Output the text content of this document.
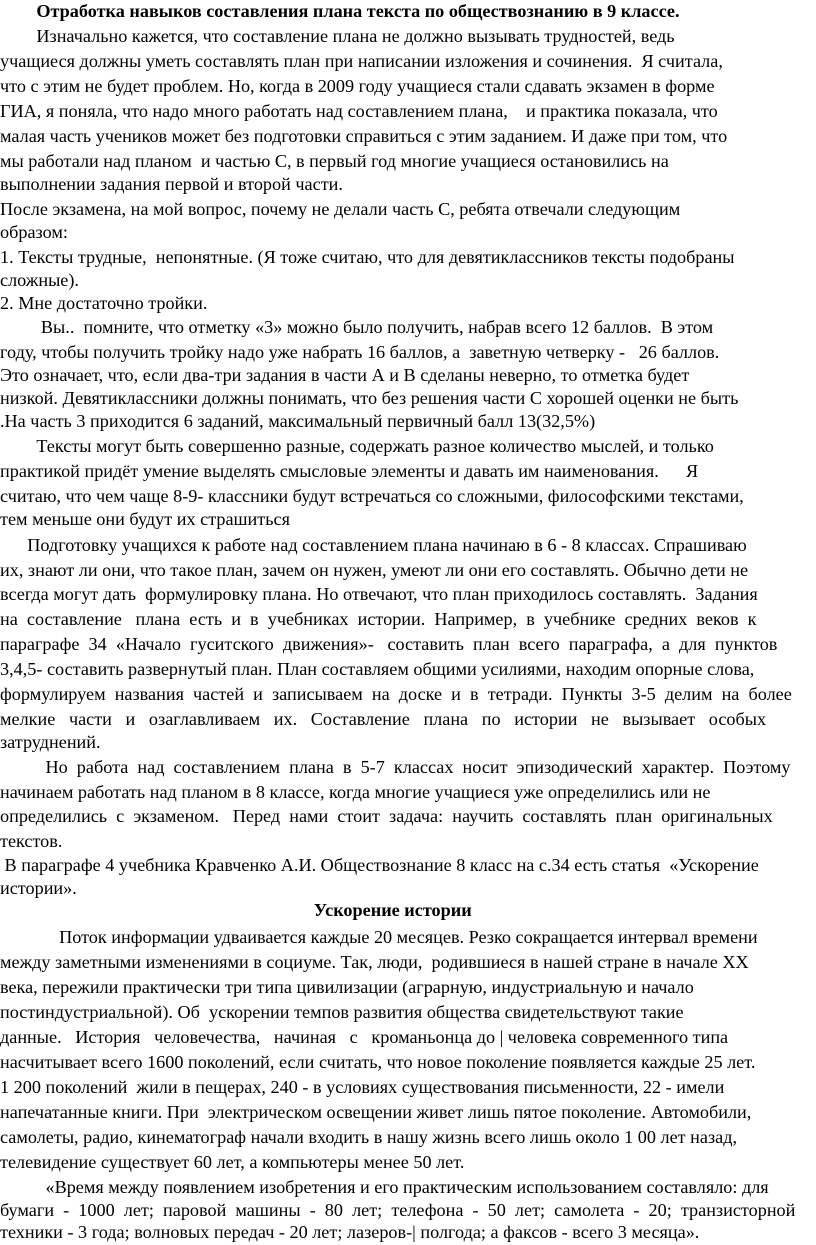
Отработка навыков составления плана текста по обществознанию в 9 классе.
Изначально кажется, что составление плана не должно вызывать трудностей, ведь
учащиеся должны уметь составлять план при написании изложения и сочинения.  Я считала,
что с этим не будет проблем. Но, когда в 2009 году учащиеся стали сдавать экзамен в форме
ГИА, я поняла, что надо много работать над составлением плана,    и практика показала, что
малая часть учеников может без подготовки справиться с этим заданием. И даже при том, что
мы работали над планом  и частью С, в первый год многие учащиеся остановились на
выполнении задания первой и второй части.
После экзамена, на мой вопрос, почему не делали часть С, ребята отвечали следующим
образом:
1. Тексты трудные,  непонятные. (Я тоже считаю, что для девятиклассников тексты подобраны
сложные).
2. Мне достаточно тройки.
Вы..  помните, что отметку «3» можно было получить, набрав всего 12 баллов.  В этом
году, чтобы получить тройку надо уже набрать 16 баллов, а  заветную четверку -   26 баллов.
Это означает, что, если два-три задания в части А и В сделаны неверно, то отметка будет
низкой. Девятиклассники должны понимать, что без решения части С хорошей оценки не быть
.На часть 3 приходится 6 заданий, максимальный первичный балл 13(32,5%)
Тексты могут быть совершенно разные, содержать разное количество мыслей, и только
практикой придёт умение выделять смысловые элементы и давать им наименования.      Я
считаю, что чем чаще 8-9- классники будут встречаться со сложными, философскими текстами,
тем меньше они будут их страшиться
Подготовку учащихся к работе над составлением плана начинаю в 6 - 8 классах. Спрашиваю
их, знают ли они, что такое план, зачем он нужен, умеют ли они его составлять. Обычно дети не
всегда могут дать  формулировку плана. Но отвечают, что план приходилось составлять.  Задания
на  составление   плана  есть  и  в  учебниках  истории.  Например,  в  учебнике  средних  веков  к
параграфе  34  «Начало  гуситского  движения»-   составить  план  всего  параграфа,  а  для  пунктов
3,4,5- составить развернутый план. План составляем общими усилиями, находим опорные слова,
формулируем  названия  частей  и  записываем  на  доске  и  в  тетради.  Пункты  3-5  делим  на  более
мелкие   части   и   озаглавливаем   их.   Составление   плана   по   истории   не   вызывает   особых
затруднений.
Но  работа  над  составлением  плана  в  5-7  классах  носит  эпизодический  характер.  Поэтому
начинаем работать над планом в 8 классе, когда многие учащиеся уже определились или не
определились  с  экзаменом.   Перед  нами  стоит  задача:  научить  составлять  план  оригинальных
текстов.
В параграфе 4 учебника Кравченко А.И. Обществознание 8 класс на с.34 есть статья  «Ускорение
истории».
Ускорение истории
Поток информации удваивается каждые 20 месяцев. Резко сокращается интервал времени
между заметными изменениями в социуме. Так, люди,  родившиеся в нашей стране в начале XX
века, пережили практически три типа цивилизации (аграрную, индустриальную и начало
постиндустриальной). Об  ускорении темпов развития общества свидетельствуют такие
данные.   История   человечества,   начиная   с   кроманьонца до | человека современного типа
насчитывает всего 1600 поколений, если считать, что новое поколение появляется каждые 25 лет.
1 200 поколений  жили в пещерах, 240 - в условиях существования письменности, 22 - имели
напечатанные книги. При  электрическом освещении живет лишь пятое поколение. Автомобили,
самолеты, радио, кинематограф начали входить в нашу жизнь всего лишь около 1 00 лет назад,
телевидение существует 60 лет, а компьютеры менее 50 лет.
«Время между появлением изобретения и его практическим использованием составляло: для
бумаги  -  1000  лет;  паровой  машины  -  80  лет;  телефона  -  50  лет;  самолета  -  20;  транзисторной
техники - 3 года; волновых передач - 20 лет; лазеров-| полгода; а факсов - всего 3 месяца».
